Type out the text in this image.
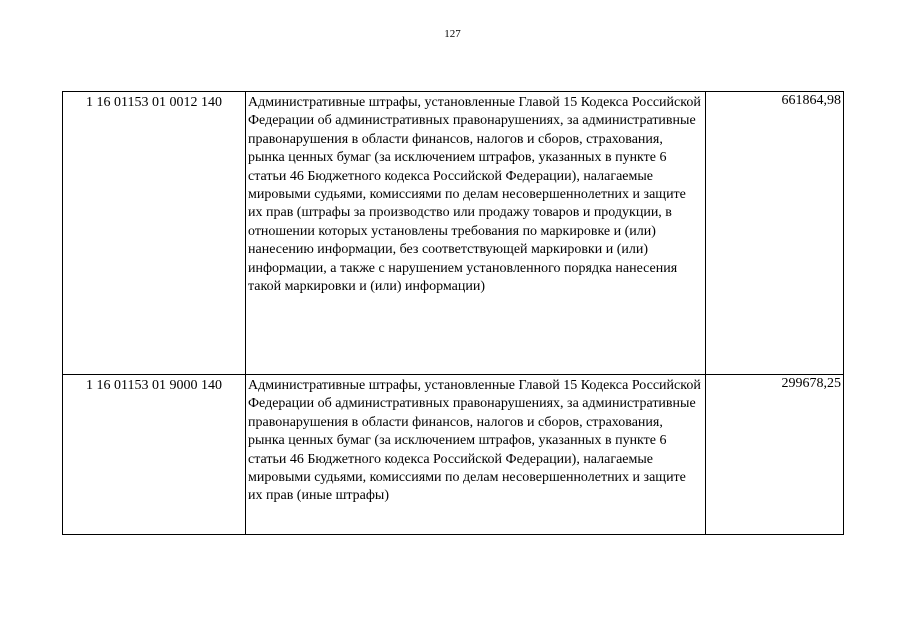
127
1 16 01153 01 0012 140	Административные штрафы, установленные Главой 15 Кодекса Российской Федерации об административных правонарушениях, за административные правонарушения в области финансов, налогов и сборов, страхования, рынка ценных бумаг (за исключением штрафов, указанных в пункте 6 статьи 46 Бюджетного кодекса Российской Федерации), налагаемые мировыми судьями, комиссиями по делам несовершеннолетних и защите их прав (штрафы за производство или продажу товаров и продукции, в отношении которых установлены требования по маркировке и (или) нанесению информации, без соответствующей маркировки и (или) информации, а также с нарушением установленного порядка нанесения такой маркировки и (или) информации)	661864,98

1 16 01153 01 9000 140	Административные штрафы, установленные Главой 15 Кодекса Российской Федерации об административных правонарушениях, за административные правонарушения в области финансов, налогов и сборов, страхования, рынка ценных бумаг (за исключением штрафов, указанных в пункте 6 статьи 46 Бюджетного кодекса Российской Федерации), налагаемые мировыми судьями, комиссиями по делам несовершеннолетних и защите их прав (иные штрафы)	299678,25
